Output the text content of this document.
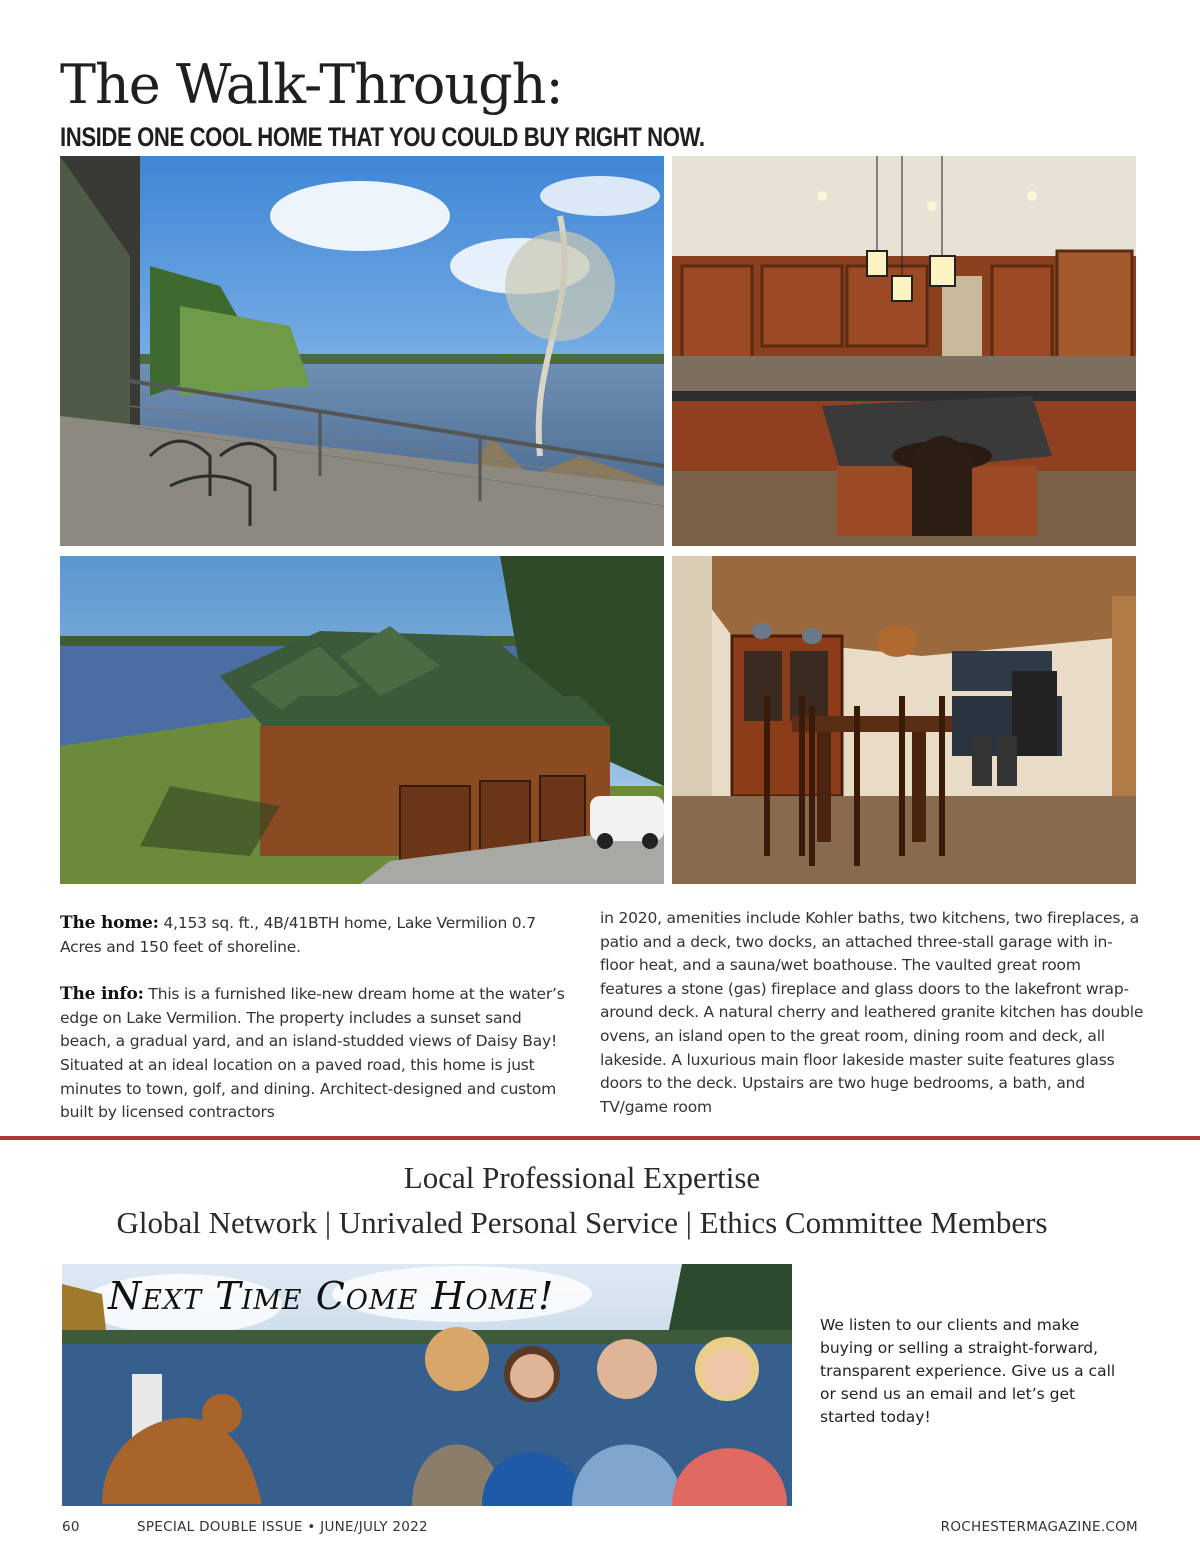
The Walk-Through:
INSIDE ONE COOL HOME THAT YOU COULD BUY RIGHT NOW.

The home: 4,153 sq. ft., 4B/41BTH home, Lake Vermilion 0.7 Acres and 150 feet of shoreline.

The info: This is a furnished like-new dream home at the water’s edge on Lake Vermilion. The property includes a sunset sand beach, a gradual yard, and an island-studded views of Daisy Bay! Situated at an ideal location on a paved road, this home is just minutes to town, golf, and dining. Architect-designed and custom built by licensed contractors

in 2020, amenities include Kohler baths, two kitchens, two fireplaces, a patio and a deck, two docks, an attached three-stall garage with in-floor heat, and a sauna/wet boathouse. The vaulted great room features a stone (gas) fireplace and glass doors to the lakefront wrap-around deck. A natural cherry and leathered granite kitchen has double ovens, an island open to the great room, dining room and deck, all lakeside. A luxurious main floor lakeside master suite features glass doors to the deck. Upstairs are two huge bedrooms, a bath, and TV/game room

Local Professional Expertise
Global Network | Unrivaled Personal Service | Ethics Committee Members
Next Time Come Home!
We listen to our clients and make buying or selling a straight-forward, transparent experience. Give us a call or send us an email and let’s get started today!
60	SPECIAL DOUBLE ISSUE • JUNE/JULY 2022	ROCHESTERMAGAZINE.COM
